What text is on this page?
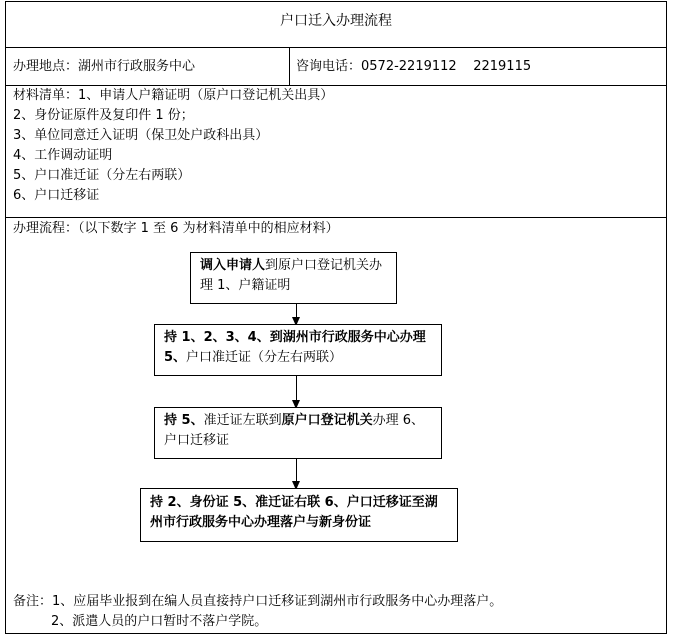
户口迁入办理流程
办理地点：湖州市行政服务中心	咨询电话：0572-2219112    2219115
材料清单：1、申请人户籍证明（原户口登记机关出具）
2、身份证原件及复印件 1 份；
3、单位同意迁入证明（保卫处户政科出具）
4、工作调动证明
5、户口准迁证（分左右两联）
6、户口迁移证
办理流程：（以下数字 1 至 6 为材料清单中的相应材料）
调入申请人到原户口登记机关办理 1、户籍证明
持 1、2、3、4、到湖州市行政服务中心办理 5、户口准迁证（分左右两联）
持 5、准迁证左联到原户口登记机关办理 6、户口迁移证
持 2、身份证 5、准迁证右联 6、户口迁移证至湖州市行政服务中心办理落户与新身份证
备注：1、应届毕业报到在编人员直接持户口迁移证到湖州市行政服务中心办理落户。
2、派遣人员的户口暂时不落户学院。
